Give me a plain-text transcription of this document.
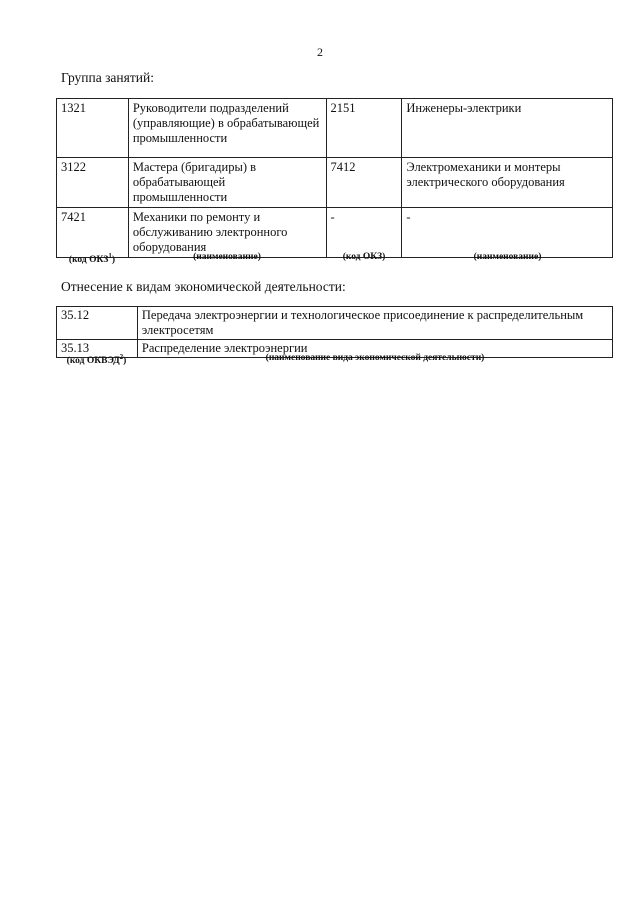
2
Группа занятий:
1321	Руководители подразделений (управляющие) в обрабатывающей промышленности	2151	Инженеры-электрики
3122	Мастера (бригадиры) в обрабатывающей промышленности	7412	Электромеханики и монтеры электрического оборудования
7421	Механики по ремонту и обслуживанию электронного оборудования	-	-
(код ОКЗ$^1$)	(наименование)	(код ОКЗ)	(наименование)
Отнесение к видам экономической деятельности:
35.12	Передача электроэнергии и технологическое присоединение к распределительным электросетям
35.13	Распределение электроэнергии
(код ОКВЭД$^2$)	(наименование вида экономической деятельности)
